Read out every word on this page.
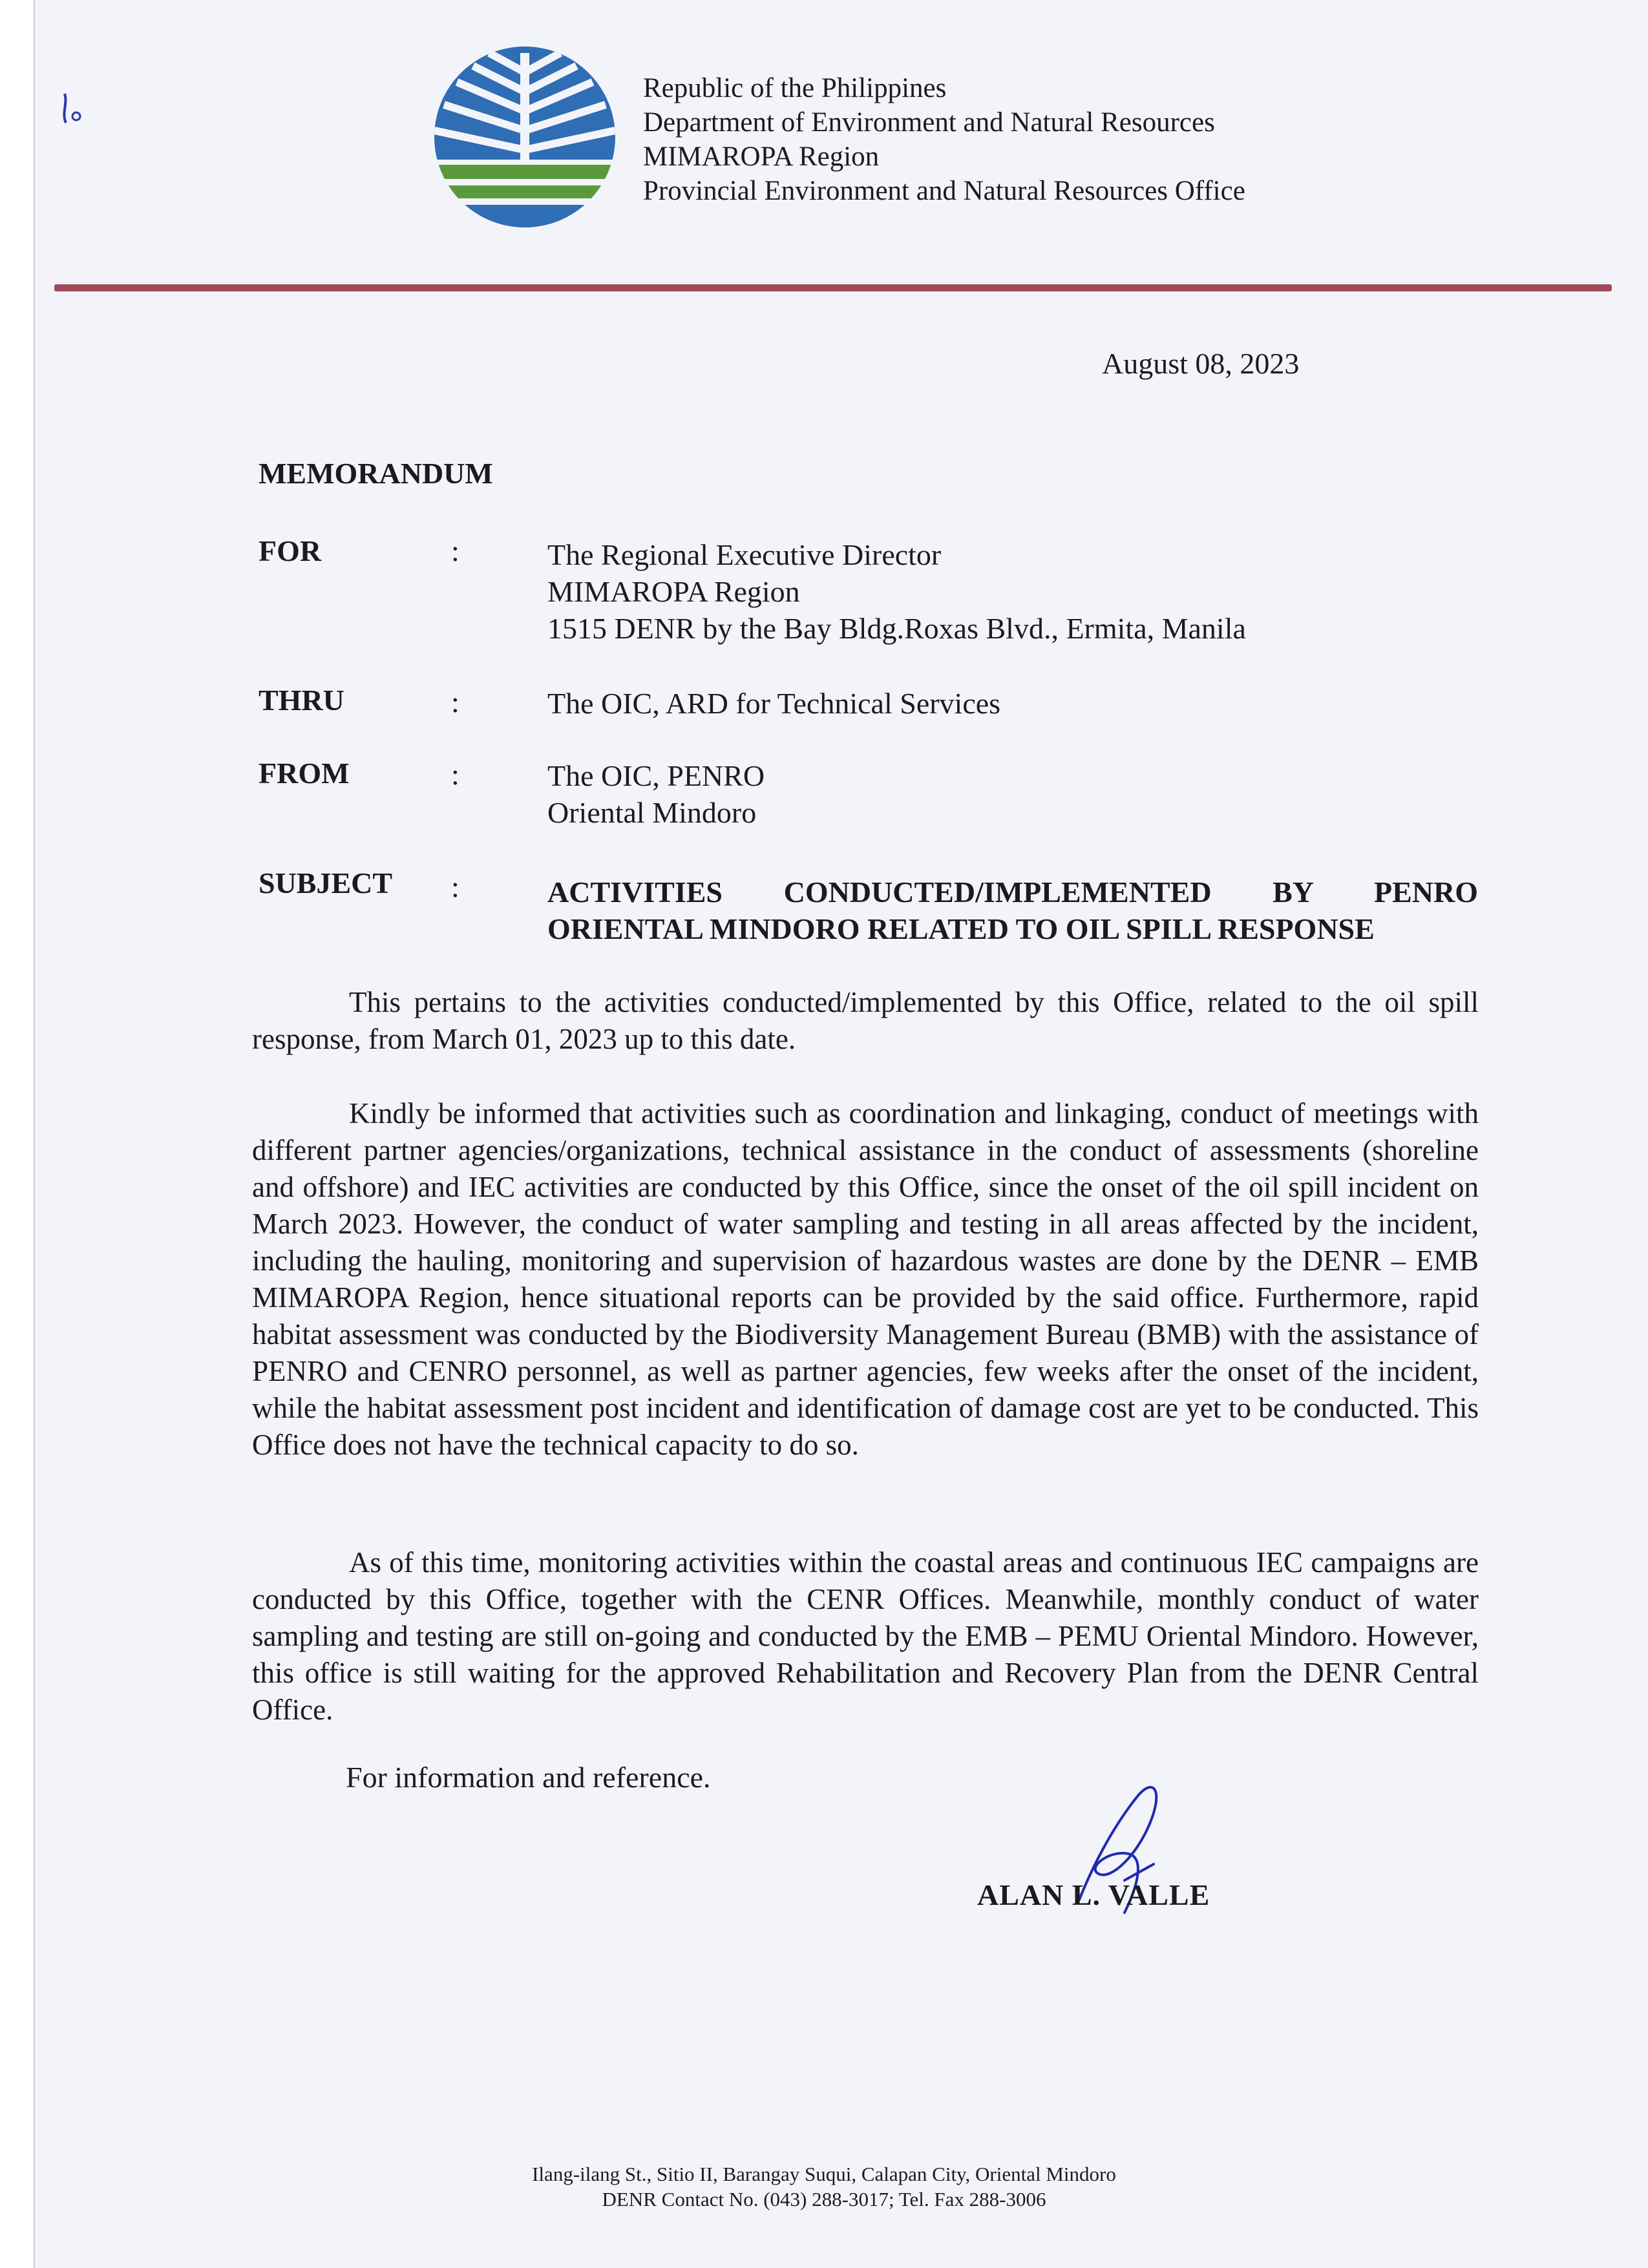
Republic of the Philippines
Department of Environment and Natural Resources
MIMAROPA Region
Provincial Environment and Natural Resources Office
August 08, 2023
MEMORANDUM
FOR	:	The Regional Executive Director
MIMAROPA Region
1515 DENR by the Bay Bldg.Roxas Blvd., Ermita, Manila
THRU	:	The OIC, ARD for Technical Services
FROM	:	The OIC, PENRO
Oriental Mindoro
SUBJECT :	ACTIVITIES CONDUCTED/IMPLEMENTED BY PENRO
ORIENTAL MINDORO RELATED TO OIL SPILL RESPONSE
This pertains to the activities conducted/implemented by this Office, related to the oil spill response, from March 01, 2023 up to this date.
Kindly be informed that activities such as coordination and linkaging, conduct of meetings with different partner agencies/organizations, technical assistance in the conduct of assessments (shoreline and offshore) and IEC activities are conducted by this Office, since the onset of the oil spill incident on March 2023. However, the conduct of water sampling and testing in all areas affected by the incident, including the hauling, monitoring and supervision of hazardous wastes are done by the DENR – EMB MIMAROPA Region, hence situational reports can be provided by the said office. Furthermore, rapid habitat assessment was conducted by the Biodiversity Management Bureau (BMB) with the assistance of PENRO and CENRO personnel, as well as partner agencies, few weeks after the onset of the incident, while the habitat assessment post incident and identification of damage cost are yet to be conducted. This Office does not have the technical capacity to do so.
As of this time, monitoring activities within the coastal areas and continuous IEC campaigns are conducted by this Office, together with the CENR Offices. Meanwhile, monthly conduct of water sampling and testing are still on-going and conducted by the EMB – PEMU Oriental Mindoro. However, this office is still waiting for the approved Rehabilitation and Recovery Plan from the DENR Central Office.
For information and reference.
ALAN L. VALLE
Ilang-ilang St., Sitio II, Barangay Suqui, Calapan City, Oriental Mindoro
DENR Contact No. (043) 288-3017; Tel. Fax 288-3006
